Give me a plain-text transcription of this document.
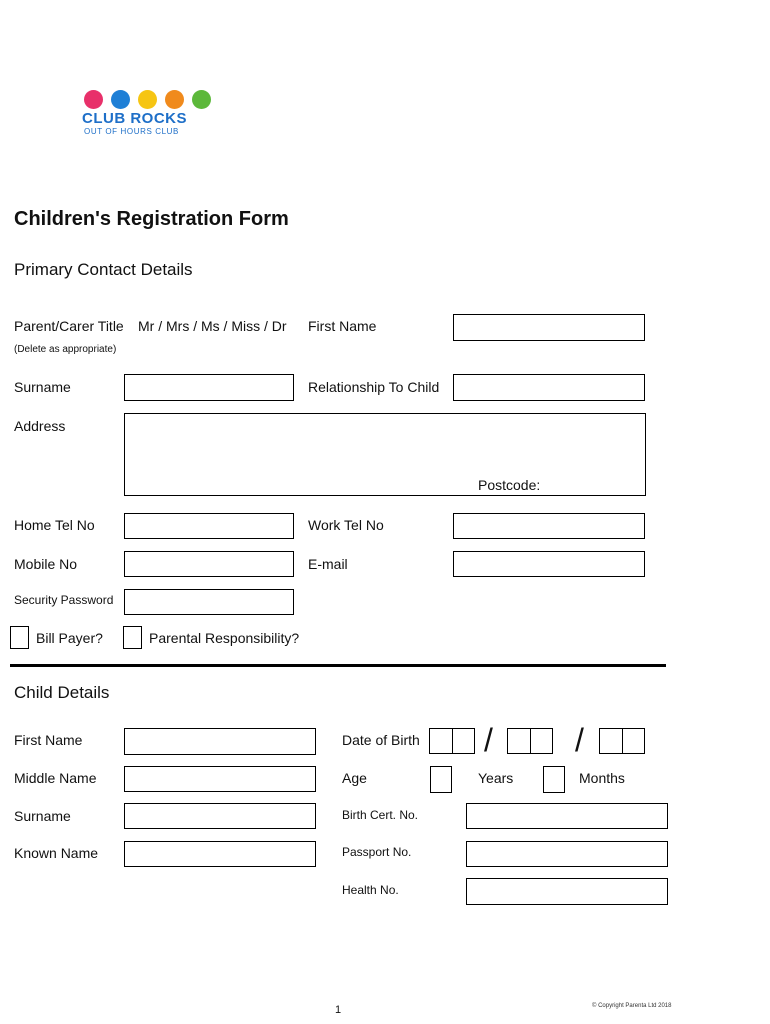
CLUB ROCKS
OUT OF HOURS CLUB
Children's Registration Form
Primary Contact Details
Parent/Carer Title Mr / Mrs / Ms / Miss / Dr First Name
(Delete as appropriate)
Surname	Relationship To Child
Address
Postcode:
Home Tel No	Work Tel No
Mobile No	E-mail
Security Password
Bill Payer?	Parental Responsibility?
Child Details
First Name	Date of Birth /	/
Middle Name	Age	Years	Months
Surname	Birth Cert. No.
Known Name	Passport No.
Health No.
1	© Copyright Parenta Ltd 2018
